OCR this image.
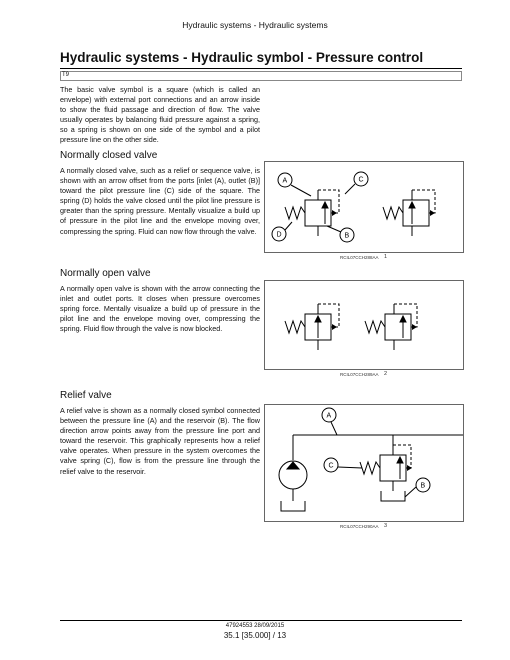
Hydraulic systems - Hydraulic systems
Hydraulic systems - Hydraulic symbol - Pressure control
T9

The basic valve symbol is a square (which is called an envelope) with external port connections and an arrow inside to show the fluid passage and direction of flow. The valve usually operates by balancing fluid pressure against a spring, so a spring is shown on one side of the symbol and a pilot pressure line on the other side.

Normally closed valve

A normally closed valve, such as a relief or sequence valve, is shown with an arrow offset from the ports [inlet (A), outlet (B)] toward the pilot pressure line (C) side of the square. The spring (D) holds the valve closed until the pilot line pressure is greater than the spring pressure. Mentally visualize a build up of pressure in the pilot line and the envelope moving over, compressing the spring. Fluid can now flow through the valve.

A	C
D	B
RCIL07CCH288AA 1
Normally open valve

A normally open valve is shown with the arrow connecting the inlet and outlet ports. It closes when pressure overcomes spring force. Mentally visualize a build up of pressure in the pilot line and the envelope moving over, compressing the spring. Fluid flow through the valve is now blocked.

RCIL07CCH289AA 2
Relief valve

A relief valve is shown as a normally closed symbol connected between the pressure line (A) and the reservoir (B). The flow direction arrow points away from the pressure line port and toward the reservoir. This graphically represents how a relief valve operates. When pressure in the system overcomes the valve spring (C), flow is from the pressure line through the relief valve to the reservoir.

A
C
B
RCIL07CCH290AA 3
47924553 28/09/2015
35.1 [35.000] / 13
